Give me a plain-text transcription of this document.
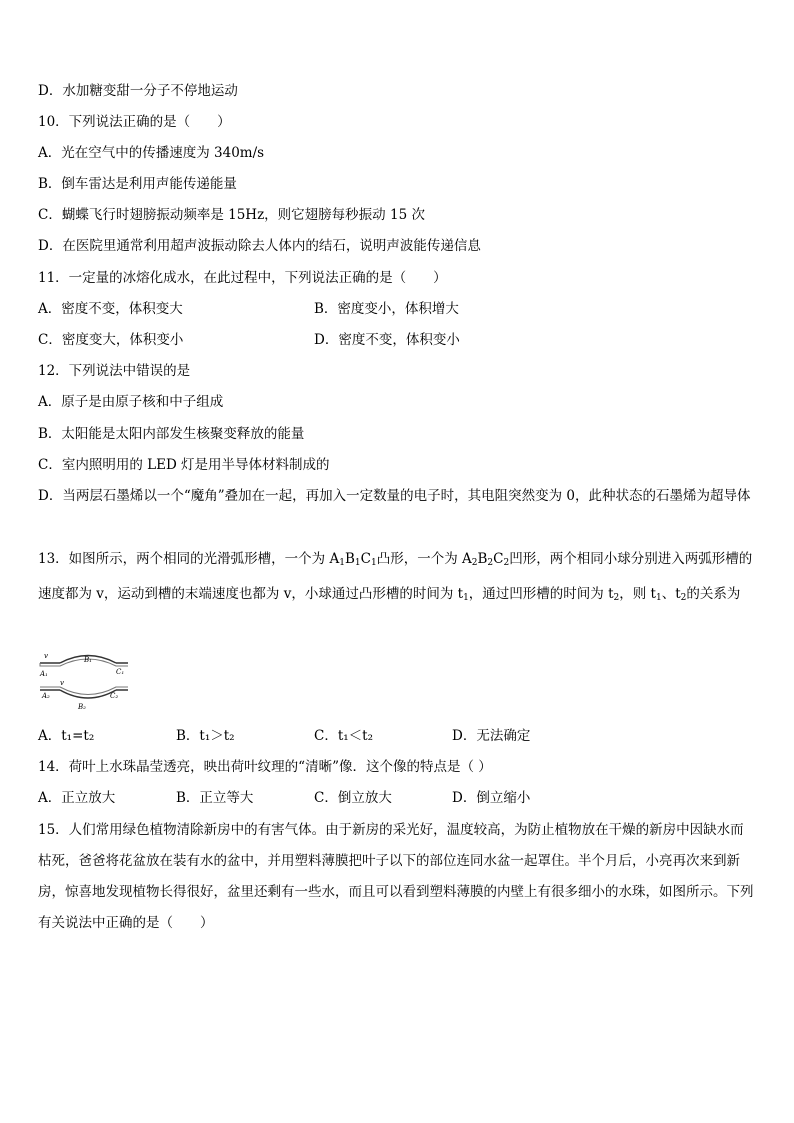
D．水加糖变甜一分子不停地运动
10．下列说法正确的是（　　）
A．光在空气中的传播速度为 340m/s
B．倒车雷达是利用声能传递能量
C．蝴蝶飞行时翅膀振动频率是 15Hz，则它翅膀每秒振动 15 次
D．在医院里通常利用超声波振动除去人体内的结石，说明声波能传递信息
11．一定量的冰熔化成水，在此过程中，下列说法正确的是（　　）
A．密度不变，体积变大	B．密度变小，体积增大
C．密度变大，体积变小	D．密度不变，体积变小
12．下列说法中错误的是
A．原子是由原子核和中子组成
B．太阳能是太阳内部发生核聚变释放的能量
C．室内照明用的 LED 灯是用半导体材料制成的
D．当两层石墨烯以一个“魔角”叠加在一起，再加入一定数量的电子时，其电阻突然变为 0，此种状态的石墨烯为超导体
13．如图所示，两个相同的光滑弧形槽，一个为 $A_1B_1C_1$凸形，一个为 $A_2B_2C_2$凹形，两个相同小球分别进入两弧形槽的速度都为 v，运动到槽的末端速度也都为 v，小球通过凸形槽的时间为 $t_1$，通过凹形槽的时间为 $t_2$，则 $t_1$、$t_2$的关系为
v
A₁
B₁
C₁
v
A₂
B₂
C₂
A．t₁=t₂	B．t₁＞t₂	C．t₁＜t₂	D．无法确定
14．荷叶上水珠晶莹透亮，映出荷叶纹理的“清晰”像．这个像的特点是（ ）
A．正立放大	B．正立等大	C．倒立放大	D．倒立缩小
15．人们常用绿色植物清除新房中的有害气体。由于新房的采光好，温度较高，为防止植物放在干燥的新房中因缺水而枯死，爸爸将花盆放在装有水的盆中，并用塑料薄膜把叶子以下的部位连同水盆一起罩住。半个月后，小亮再次来到新房，惊喜地发现植物长得很好，盆里还剩有一些水，而且可以看到塑料薄膜的内壁上有很多细小的水珠，如图所示。下列有关说法中正确的是（　　）
